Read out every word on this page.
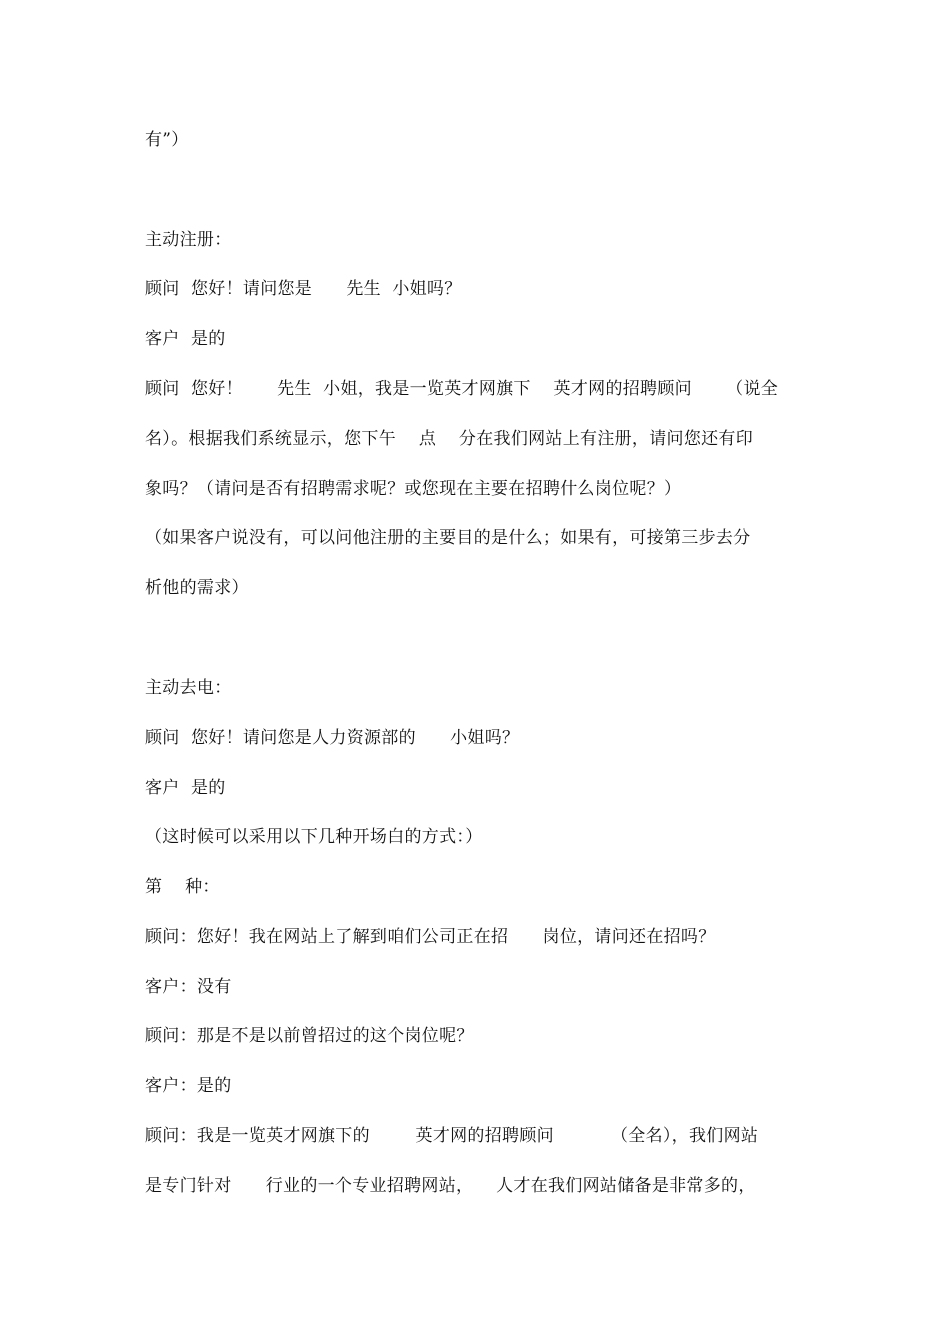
有”）
主动注册：
顾问  您好！请问您是      先生  小姐吗？
客户  是的
顾问  您好！      先生  小姐，我是一览英才网旗下    英才网的招聘顾问      （说全
名）。根据我们系统显示，您下午    点    分在我们网站上有注册，请问您还有印
象吗？（请问是否有招聘需求呢？或您现在主要在招聘什么岗位呢？）
（如果客户说没有，可以问他注册的主要目的是什么；如果有，可接第三步去分
析他的需求）
主动去电：
顾问  您好！请问您是人力资源部的      小姐吗？
客户  是的
（这时候可以采用以下几种开场白的方式：）
第    种：
顾问：您好！我在网站上了解到咱们公司正在招      岗位，请问还在招吗？
客户：没有
顾问：那是不是以前曾招过的这个岗位呢？
客户：是的
顾问：我是一览英才网旗下的        英才网的招聘顾问          （全名），我们网站
是专门针对      行业的一个专业招聘网站，    人才在我们网站储备是非常多的，
